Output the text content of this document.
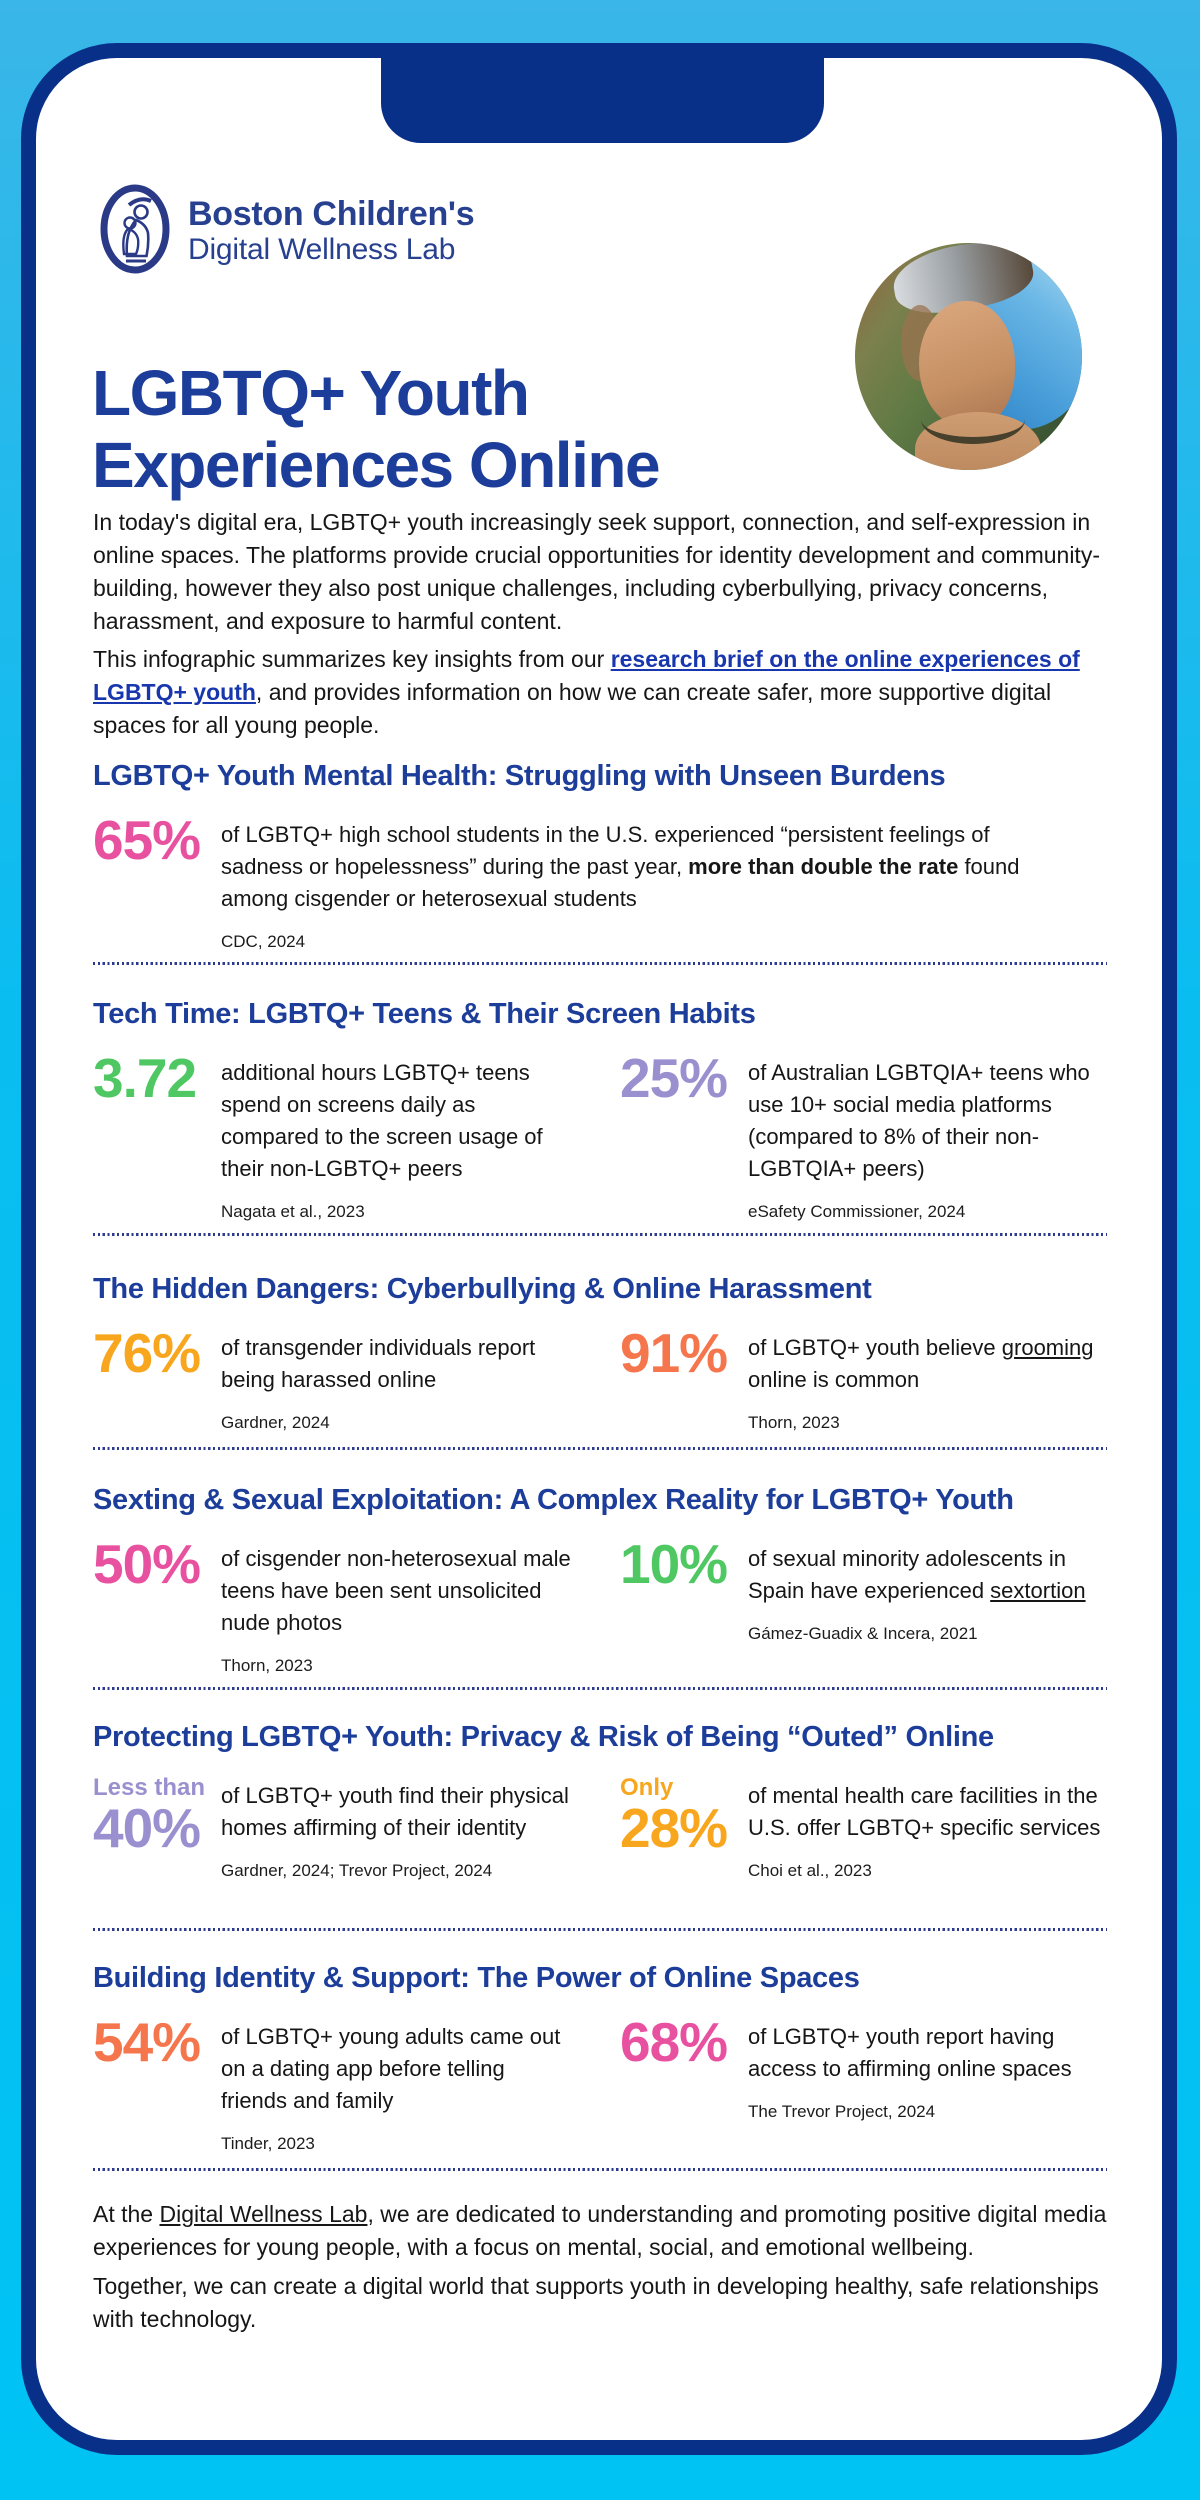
Boston Children's
Digital Wellness Lab
LGBTQ+ Youth
Experiences Online

In today's digital era, LGBTQ+ youth increasingly seek support, connection, and self-expression in online spaces. The platforms provide crucial opportunities for identity development and community-building, however they also post unique challenges, including cyberbullying, privacy concerns, harassment, and exposure to harmful content.

This infographic summarizes key insights from our research brief on the online experiences of LGBTQ+ youth, and provides information on how we can create safer, more supportive digital spaces for all young people.

LGBTQ+ Youth Mental Health: Struggling with Unseen Burdens
65% of LGBTQ+ high school students in the U.S. experienced “persistent feelings of sadness or hopelessness” during the past year, more than double the rate found among cisgender or heterosexual students

CDC, 2024

Tech Time: LGBTQ+ Teens & Their Screen Habits
3.72	additional hours LGBTQ+ teens spend on screens daily as compared to the screen usage of their non-LGBTQ+ peers

Nagata et al., 2023

25% of Australian LGBTQIA+ teens who use 10+ social media platforms (compared to 8% of their non-LGBTQIA+ peers)

eSafety Commissioner, 2024

The Hidden Dangers: Cyberbullying & Online Harassment
76% of transgender individuals report being harassed online

Gardner, 2024

91% of LGBTQ+ youth believe grooming online is common

Thorn, 2023

Sexting & Sexual Exploitation: A Complex Reality for LGBTQ+ Youth
50% of cisgender non-heterosexual male teens have been sent unsolicited nude photos

Thorn, 2023

10% of sexual minority adolescents in Spain have experienced sextortion

Gámez-Guadix & Incera, 2021

Protecting LGBTQ+ Youth: Privacy & Risk of Being “Outed” Online
Less than
40%

of LGBTQ+ youth find their physical homes affirming of their identity

Gardner, 2024; Trevor Project, 2024

Only
28%

of mental health care facilities in the U.S. offer LGBTQ+ specific services

Choi et al., 2023

Building Identity & Support: The Power of Online Spaces
54% of LGBTQ+ young adults came out on a dating app before telling friends and family

Tinder, 2023

68% of LGBTQ+ youth report having access to affirming online spaces

The Trevor Project, 2024

At the Digital Wellness Lab, we are dedicated to understanding and promoting positive digital media experiences for young people, with a focus on mental, social, and emotional wellbeing.

Together, we can create a digital world that supports youth in developing healthy, safe relationships with technology.
